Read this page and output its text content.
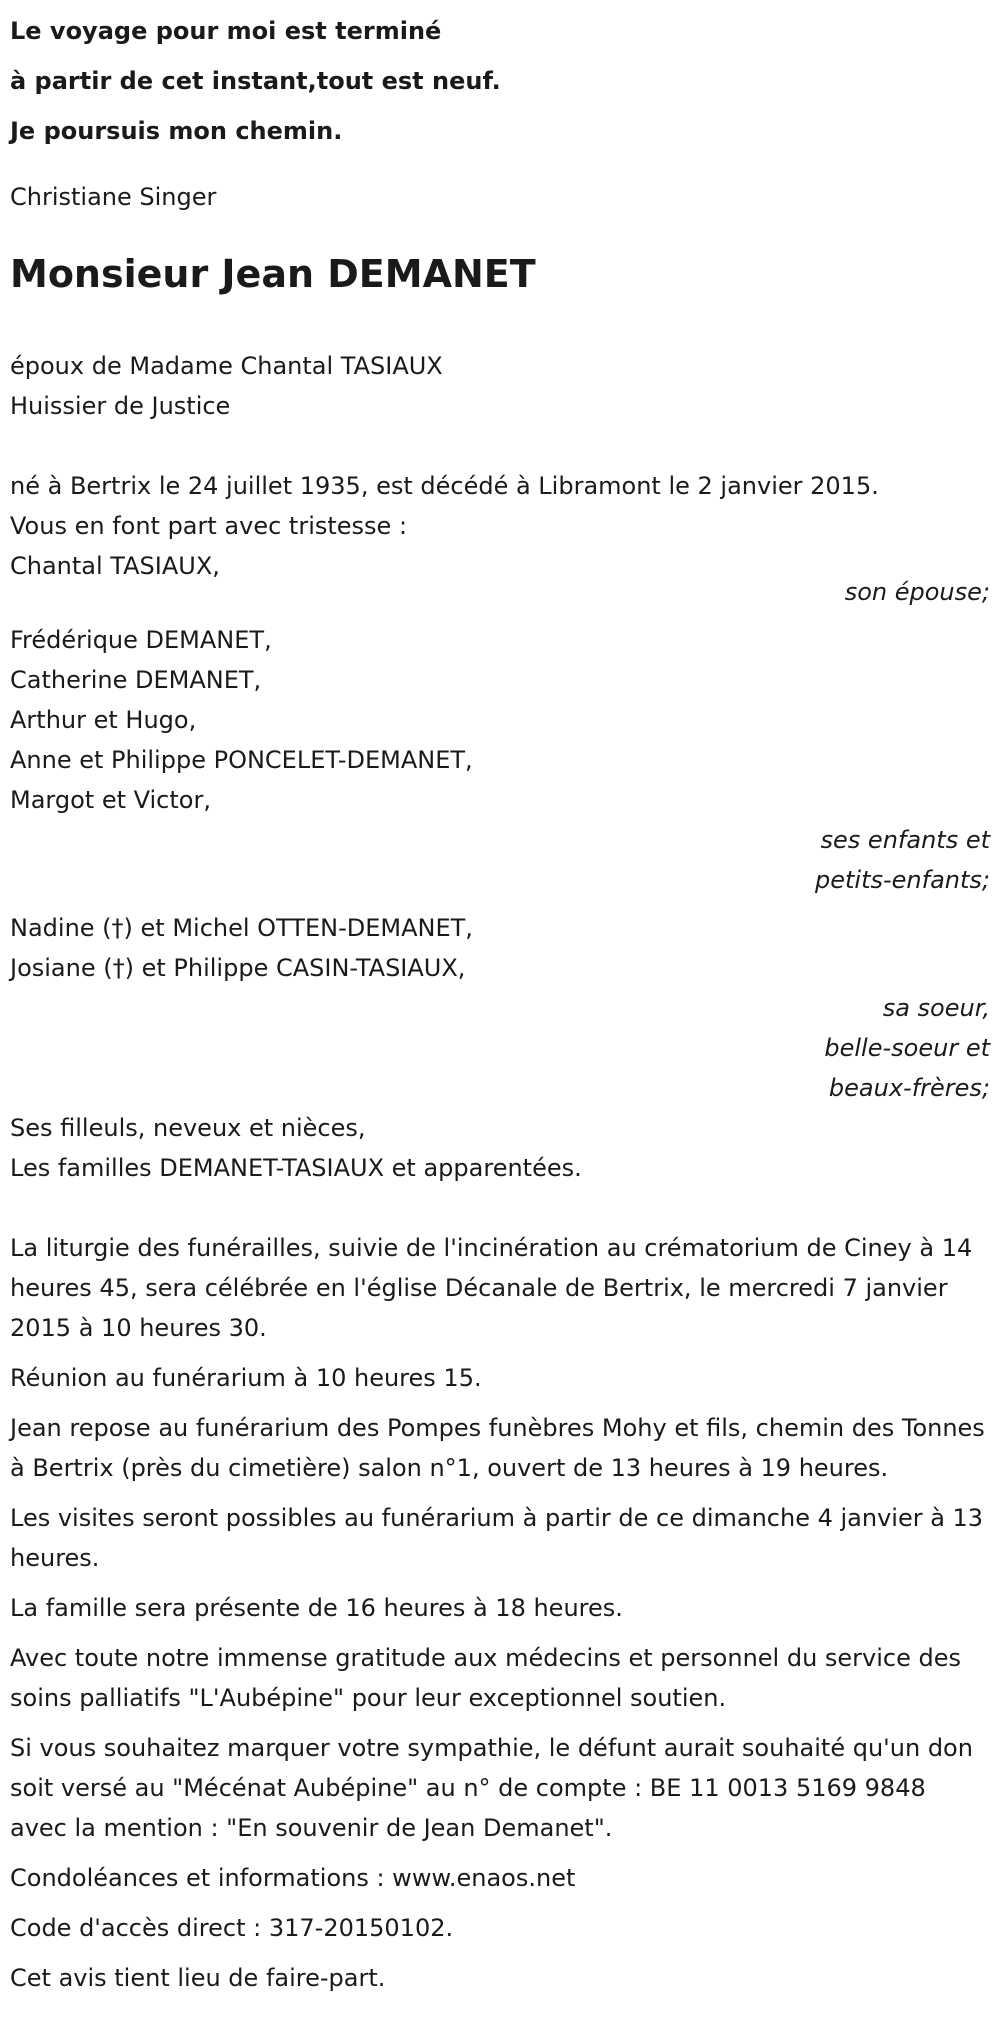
Le voyage pour moi est terminé

à partir de cet instant,tout est neuf.

Je poursuis mon chemin.

Christiane Singer

Monsieur Jean DEMANET

époux de Madame Chantal TASIAUX

Huissier de Justice

né à Bertrix le 24 juillet 1935, est décédé à Libramont le 2 janvier 2015.

Vous en font part avec tristesse :

Chantal TASIAUX,

son épouse;

Frédérique DEMANET,

Catherine DEMANET,

Arthur et Hugo,

Anne et Philippe PONCELET-DEMANET,

Margot et Victor,

ses enfants et

petits-enfants;

Nadine (†) et Michel OTTEN-DEMANET,

Josiane (†) et Philippe CASIN-TASIAUX,

sa soeur,

belle-soeur et

beaux-frères;

Ses filleuls, neveux et nièces,

Les familles DEMANET-TASIAUX et apparentées.

La liturgie des funérailles, suivie de l'incinération au crématorium de Ciney à 14 heures 45, sera célébrée en l'église Décanale de Bertrix, le mercredi 7 janvier 2015 à 10 heures 30.

Réunion au funérarium à 10 heures 15.

Jean repose au funérarium des Pompes funèbres Mohy et fils, chemin des Tonnes à Bertrix (près du cimetière) salon n°1, ouvert de 13 heures à 19 heures.

Les visites seront possibles au funérarium à partir de ce dimanche 4 janvier à 13 heures.

La famille sera présente de 16 heures à 18 heures.

Avec toute notre immense gratitude aux médecins et personnel du service des soins palliatifs "L'Aubépine" pour leur exceptionnel soutien.

Si vous souhaitez marquer votre sympathie, le défunt aurait souhaité qu'un don soit versé au "Mécénat Aubépine" au n° de compte : BE 11 0013 5169 9848 avec la mention : "En souvenir de Jean Demanet".

Condoléances et informations : www.enaos.net

Code d'accès direct : 317-20150102.

Cet avis tient lieu de faire-part.
